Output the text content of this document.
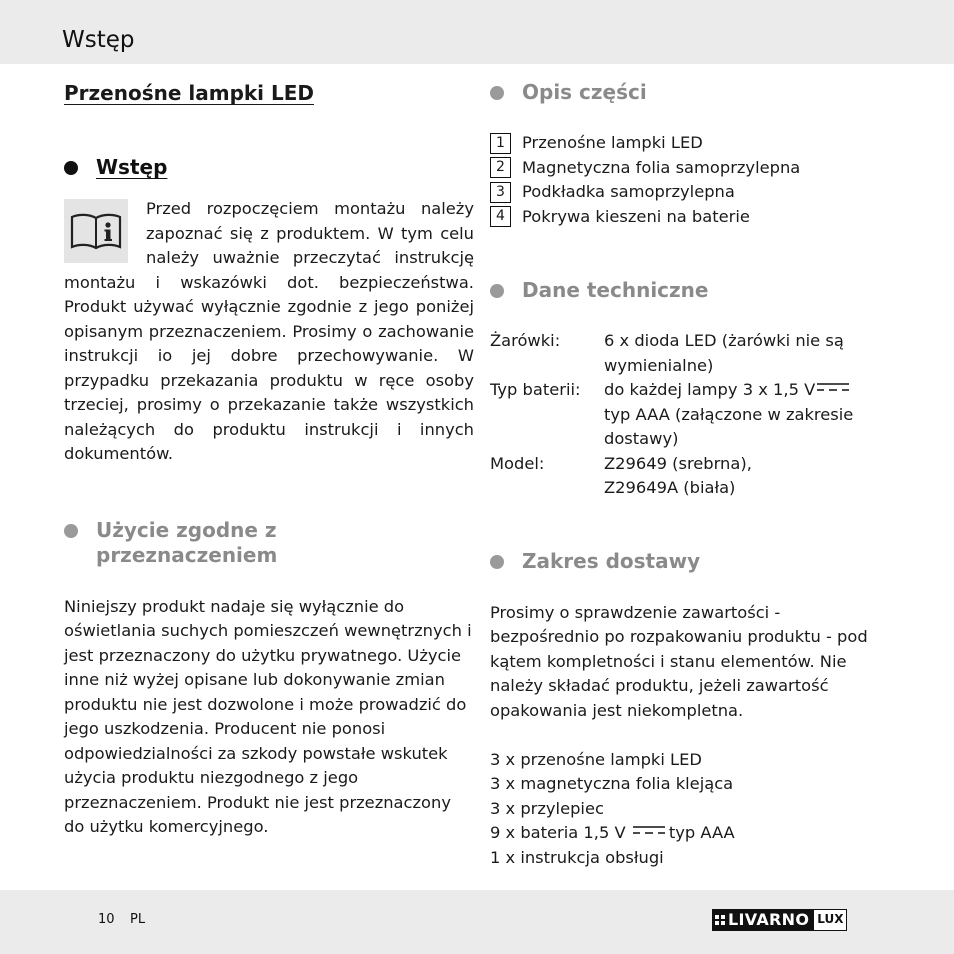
Wstęp
Przenośne lampki LED
Wstęp

Przed rozpoczęciem montażu należy zapoznać się z produktem. W tym celu należy uważnie przeczytać instrukcję montażu i wskazówki dot. bezpieczeństwa. Produkt używać wyłącznie zgodnie z jego poniżej opisanym przeznaczeniem. Prosimy o zachowanie instrukcji io jej dobre przechowywanie. W przypadku przekazania produktu w ręce osoby trzeciej, prosimy o przekazanie także wszystkich należących do produktu instrukcji i innych dokumentów.

Użycie zgodne z przeznaczeniem

Niniejszy produkt nadaje się wyłącznie do oświetlania suchych pomieszczeń wewnętrznych i jest przeznaczony do użytku prywatnego. Użycie inne niż wyżej opisane lub dokonywanie zmian produktu nie jest dozwolone i może prowadzić do jego uszkodzenia. Producent nie ponosi odpowiedzialności za szkody powstałe wskutek użycia produktu niezgodnego z jego przeznaczeniem. Produkt nie jest przeznaczony do użytku komercyjnego.

Opis części
1	Przenośne lampki LED
2	Magnetyczna folia samoprzylepna
3	Podkładka samoprzylepna
4	Pokrywa kieszeni na baterie
Dane techniczne
Żarówki:	6 x dioda LED (żarówki nie są wymienialne)
Typ baterii:	do każdej lampy 3 x 1,5 V
typ AAA (załączone w zakresie dostawy)
Model:	Z29649 (srebrna),
Z29649A (biała)
Zakres dostawy

Prosimy o sprawdzenie zawartości - bezpośrednio po rozpakowaniu produktu - pod kątem kompletności i stanu elementów. Nie należy składać produktu, jeżeli zawartość opakowania jest niekompletna.

3 x przenośne lampki LED
3 x magnetyczna folia klejąca
3 x przylepiec
9 x bateria 1,5 V	typ AAA
1 x instrukcja obsługi
10 PL	LIVARNO LUX
